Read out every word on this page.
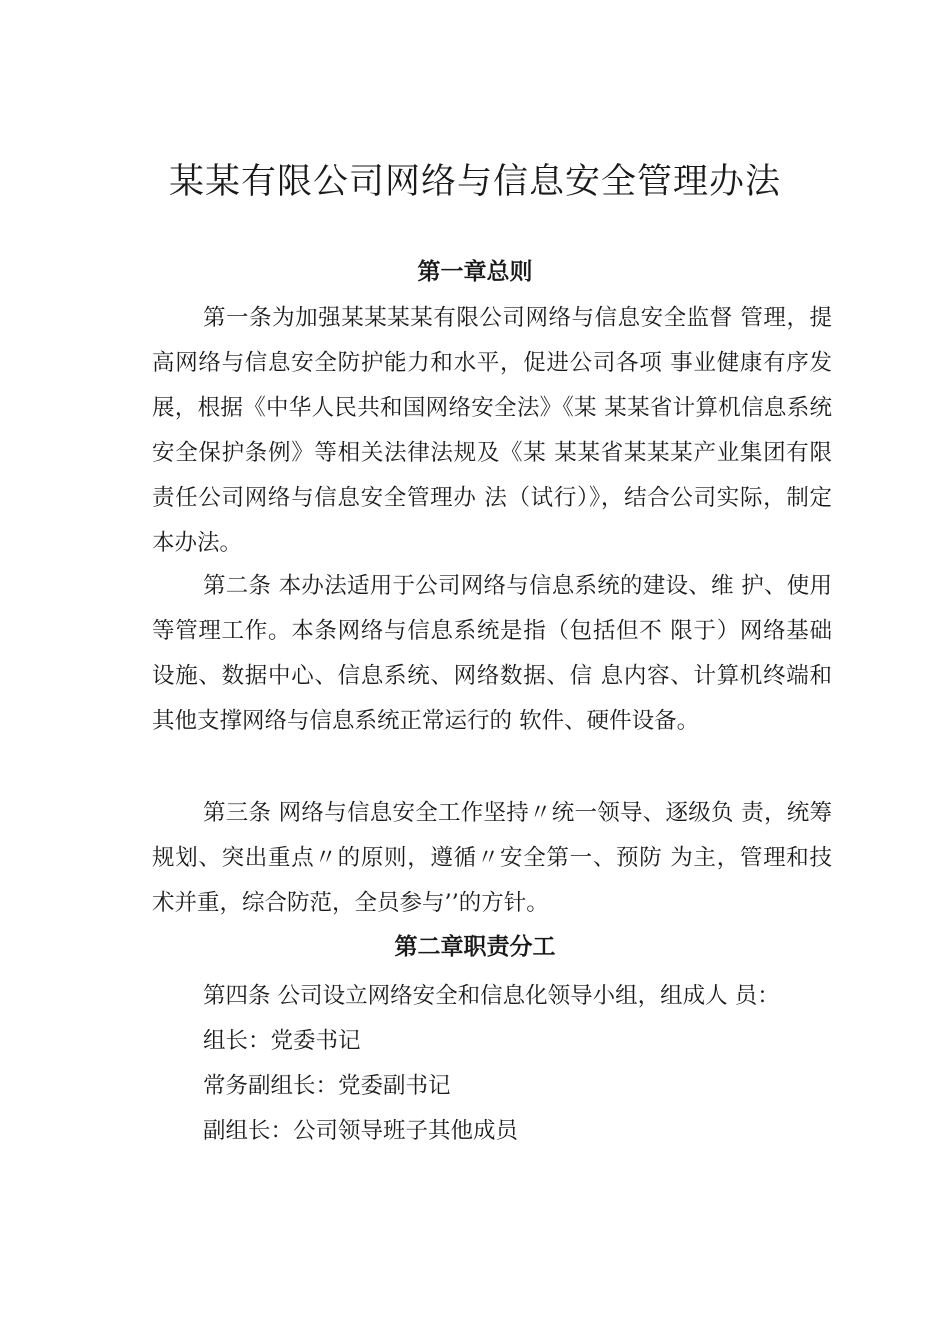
某某有限公司网络与信息安全管理办法
第一章总则

第一条为加强某某某某有限公司网络与信息安全监督 管理，提高网络与信息安全防护能力和水平，促进公司各项 事业健康有序发展，根据《中华人民共和国网络安全法》《某 某某省计算机信息系统安全保护条例》等相关法律法规及《某 某某省某某某产业集团有限责任公司网络与信息安全管理办 法（试行）》，结合公司实际，制定本办法。

第二条 本办法适用于公司网络与信息系统的建设、维 护、使用等管理工作。本条网络与信息系统是指（包括但不 限于）网络基础设施、数据中心、信息系统、网络数据、信 息内容、计算机终端和其他支撑网络与信息系统正常运行的 软件、硬件设备。

第三条 网络与信息安全工作坚持〃统一领导、逐级负 责，统筹规划、突出重点〃的原则，遵循〃安全第一、预防 为主，管理和技术并重，综合防范，全员参与’’的方针。

第二章职责分工

第四条 公司设立网络安全和信息化领导小组，组成人 员：

组长：党委书记

常务副组长：党委副书记

副组长：公司领导班子其他成员
